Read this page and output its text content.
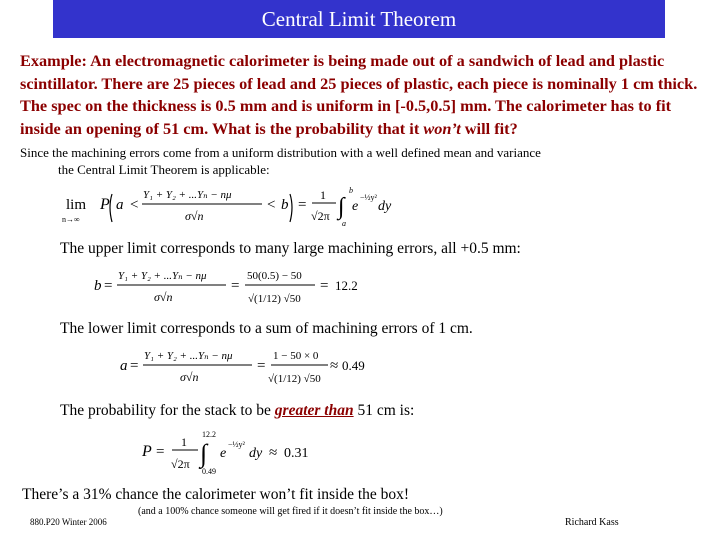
Central Limit Theorem
Example: An electromagnetic calorimeter is being made out of a sandwich of lead and plastic scintillator. There are 25 pieces of lead and 25 pieces of plastic, each piece is nominally 1 cm thick. The spec on the thickness is 0.5 mm and is uniform in [-0.5,0.5] mm. The calorimeter has to fit inside an opening of 51 cm. What is the probability that it won’t will fit?
Since the machining errors come from a uniform distribution with a well defined mean and variance
the Central Limit Theorem is applicable:
lim
n→∞
P a <
Y₁ + Y₂ + ...Yₙ − nμ
σ√n
< b =
1
√2π ∫
b
a
e
−½y²
dy
The upper limit corresponds to many large machining errors, all +0.5 mm:
b =
Y₁ + Y₂ + ...Yₙ − nμ
σ√n
=
50(0.5) − 50
√(1/12) √50
= 12.2
The lower limit corresponds to a sum of machining errors of 1 cm.
a =
Y₁ + Y₂ + ...Yₙ − nμ
σ√n
=
1 − 50 × 0
√(1/12) √50
≈ 0.49
The probability for the stack to be greater than 51 cm is:
P =
1
√2π ∫
12.2
0.49
e
−½y²
dy ≈ 0.31
There’s a 31% chance the calorimeter won’t fit inside the box!
(and a 100% chance someone will get fired if it doesn’t fit inside the box…)
880.P20 Winter 2006	Richard Kass
